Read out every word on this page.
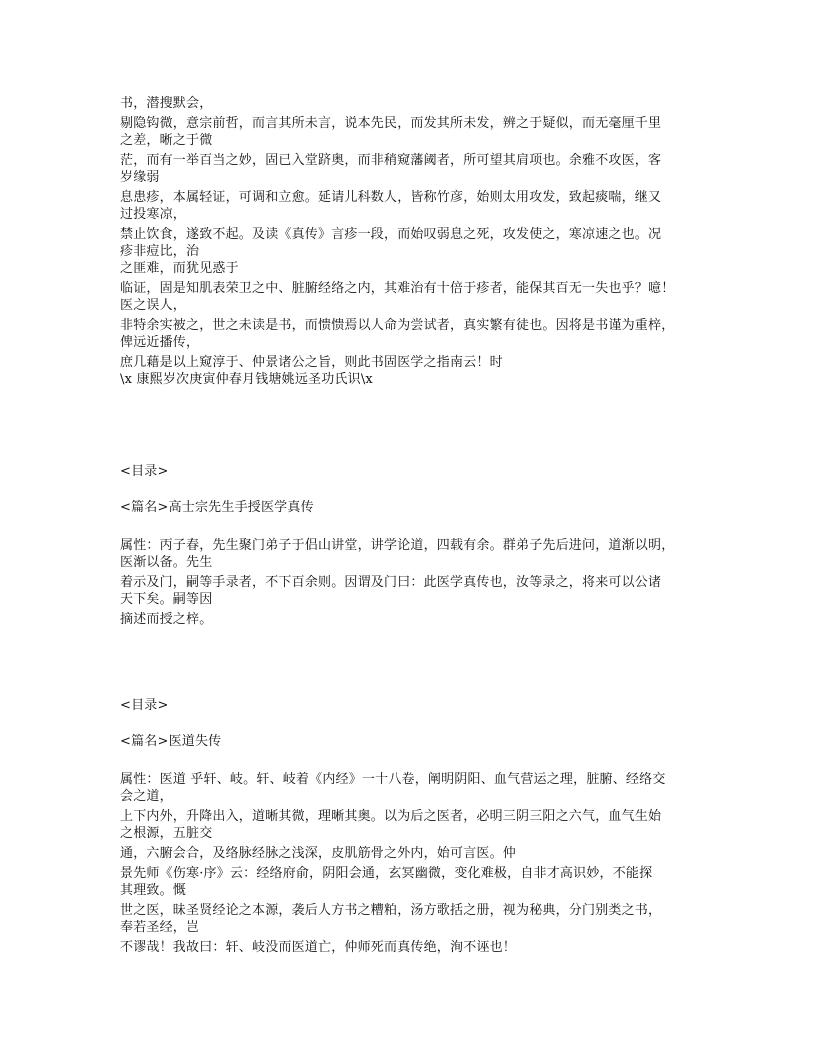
书，潜搜默会，
剔隐钩微，意宗前哲，而言其所未言，说本先民，而发其所未发，辨之于疑似，而无毫厘千里
之差，晰之于微
茫，而有一举百当之妙，固已入堂跻奥，而非稍窥藩阈者，所可望其肩项也。余雅不攻医，客
岁缘弱
息患疹，本属轻证，可调和立愈。延请儿科数人，皆称竹彦，始则太用攻发，致起痰喘，继又
过投寒凉，
禁止饮食，遂致不起。及读《真传》言疹一段，而始叹弱息之死，攻发使之，寒凉速之也。况
疹非痘比，治
之匪难，而犹见惑于
临证，固是知肌表荣卫之中、脏腑经络之内，其难治有十倍于疹者，能保其百无一失也乎？噫！
医之误人，
非特余实被之，世之未读是书，而愦愦焉以人命为尝试者，真实繁有徒也。因将是书谨为重梓，
俾远近播传，
庶几藉是以上窥淳于、仲景诸公之旨，则此书固医学之指南云！时
\x 康熙岁次庚寅仲春月钱塘姚远圣功氏识\x
<目录>
<篇名>高士宗先生手授医学真传
属性：丙子春，先生聚门弟子于侣山讲堂，讲学论道，四载有余。群弟子先后进问，道渐以明，
医渐以备。先生
着示及门，嗣等手录者，不下百余则。因谓及门曰：此医学真传也，汝等录之，将来可以公诸
天下矣。嗣等因
摘述而授之梓。
<目录>
<篇名>医道失传
属性：医道 乎轩、岐。轩、岐着《内经》一十八卷，阐明阴阳、血气营运之理，脏腑、经络交
会之道，
上下内外，升降出入，道晰其微，理晰其奥。以为后之医者，必明三阴三阳之六气，血气生始
之根源，五脏交
通，六腑会合，及络脉经脉之浅深，皮肌筋骨之外内，始可言医。仲
景先师《伤寒·序》云：经络府俞，阴阳会通，玄冥幽微，变化难极，自非才高识妙，不能探
其理致。慨
世之医，昧圣贤经论之本源，袭后人方书之糟粕，汤方歌括之册，视为秘典，分门别类之书，
奉若圣经，岂
不谬哉！我故曰：轩、岐没而医道亡，仲师死而真传绝，洵不诬也！
